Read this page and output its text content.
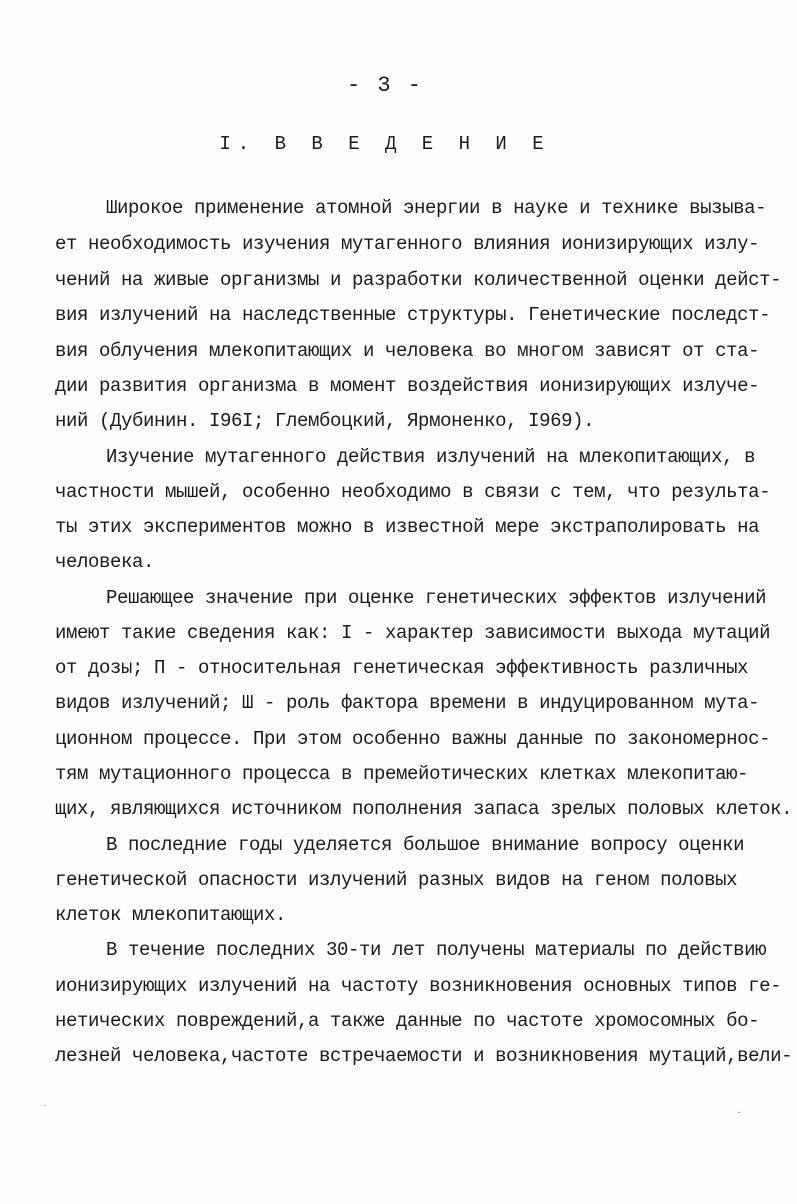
- 3 -
I. В В Е Д Е Н И Е
Широкое применение атомной энергии в науке и технике вызыва-
ет необходимость изучения мутагенного влияния ионизирующих излу-
чений на живые организмы и разработки количественной оценки дейст-
вия излучений на наследственные структуры. Генетические последст-
вия облучения млекопитающих и человека во многом зависят от ста-
дии развития организма в момент воздействия ионизирующих излуче-
ний (Дубинин. I96I; Глембоцкий, Ярмоненко, I969).
Изучение мутагенного действия излучений на млекопитающих, в
частности мышей, особенно необходимо в связи с тем, что результа-
ты этих экспериментов можно в известной мере экстраполировать на
человека.
Решающее значение при оценке генетических эффектов излучений
имеют такие сведения как: I - характер зависимости выхода мутаций
от дозы; П - относительная генетическая эффективность различных
видов излучений; Ш - роль фактора времени в индуцированном мута-
ционном процессе. При этом особенно важны данные по закономернос-
тям мутационного процесса в премейотических клетках млекопитаю-
щих, являющихся источником пополнения запаса зрелых половых клеток.
В последние годы уделяется большое внимание вопросу оценки
генетической опасности излучений разных видов на геном половых
клеток млекопитающих.
В течение последних 30-ти лет получены материалы по действию
ионизирующих излучений на частоту возникновения основных типов ге-
нетических повреждений,а также данные по частоте хромосомных бо-
лезней человека,частоте встречаемости и возникновения мутаций,вели-
`
ˇ
